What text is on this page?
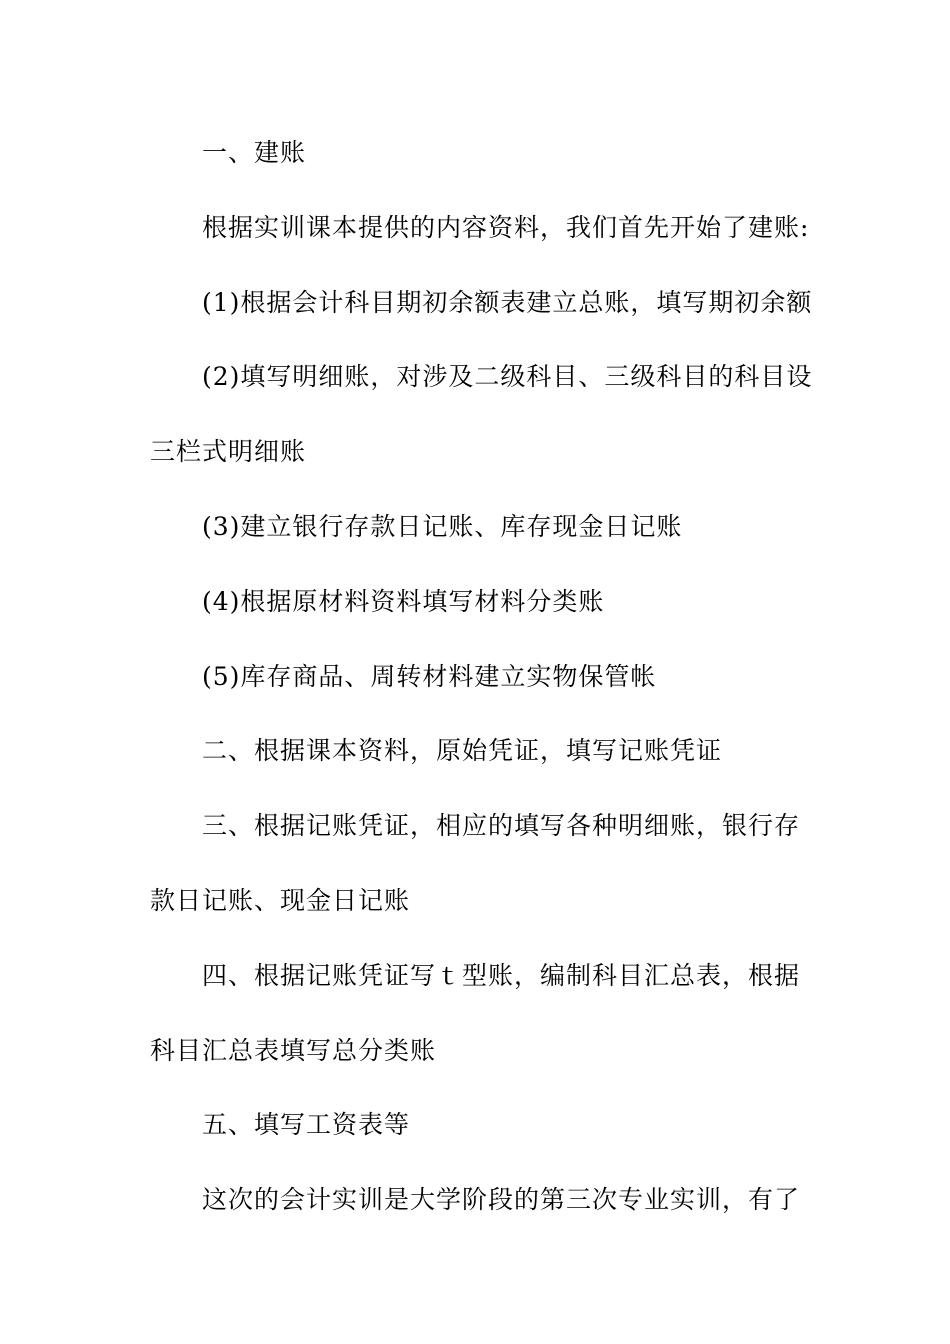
一、建账
根据实训课本提供的内容资料，我们首先开始了建账:
(1)根据会计科目期初余额表建立总账，填写期初余额
(2)填写明细账，对涉及二级科目、三级科目的科目设
三栏式明细账
(3)建立银行存款日记账、库存现金日记账
(4)根据原材料资料填写材料分类账
(5)库存商品、周转材料建立实物保管帐
二、根据课本资料，原始凭证，填写记账凭证
三、根据记账凭证，相应的填写各种明细账，银行存
款日记账、现金日记账
四、根据记账凭证写ｔ型账，编制科目汇总表，根据
科目汇总表填写总分类账
五、填写工资表等
这次的会计实训是大学阶段的第三次专业实训，有了
